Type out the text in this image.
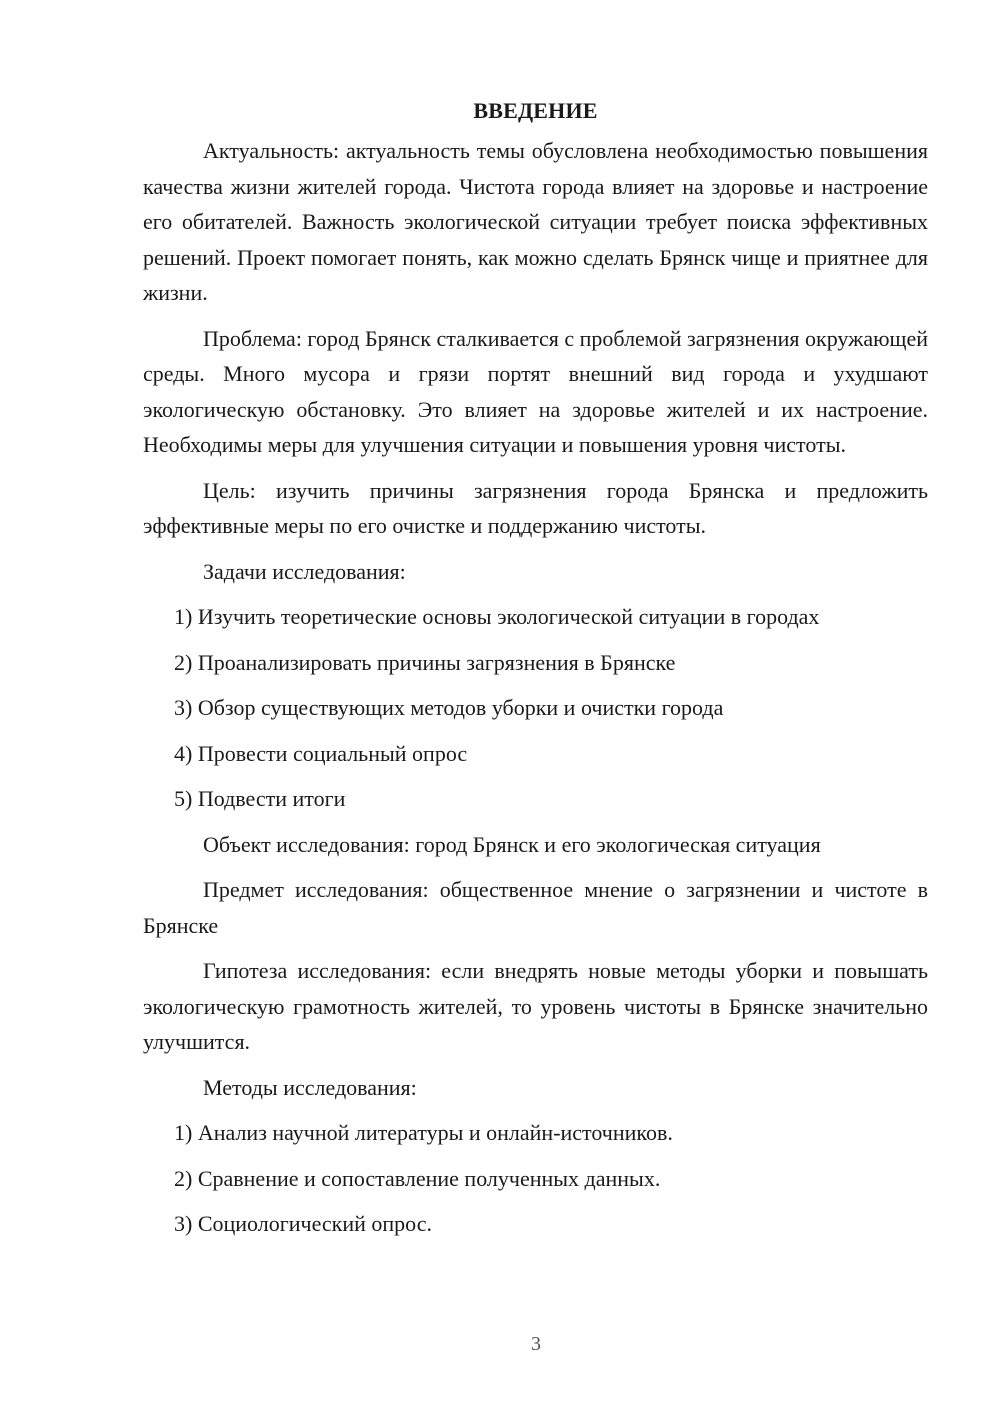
ВВЕДЕНИЕ

Актуальность: актуальность темы обусловлена необходимостью повышения качества жизни жителей города. Чистота города влияет на здоровье и настроение его обитателей. Важность экологической ситуации требует поиска эффективных решений. Проект помогает понять, как можно сделать Брянск чище и приятнее для жизни.

Проблема: город Брянск сталкивается с проблемой загрязнения окружающей среды. Много мусора и грязи портят внешний вид города и ухудшают экологическую обстановку. Это влияет на здоровье жителей и их настроение. Необходимы меры для улучшения ситуации и повышения уровня чистоты.

Цель: изучить причины загрязнения города Брянска и предложить эффективные меры по его очистке и поддержанию чистоты.

Задачи исследования:
1) Изучить теоретические основы экологической ситуации в городах
2) Проанализировать причины загрязнения в Брянске
3) Обзор существующих методов уборки и очистки города
4) Провести социальный опрос
5) Подвести итоги
Объект исследования: город Брянск и его экологическая ситуация

Предмет исследования: общественное мнение о загрязнении и чистоте в Брянске

Гипотеза исследования: если внедрять новые методы уборки и повышать экологическую грамотность жителей, то уровень чистоты в Брянске значительно улучшится.

Методы исследования:
1) Анализ научной литературы и онлайн-источников.
2) Сравнение и сопоставление полученных данных.
3) Социологический опрос.
3
